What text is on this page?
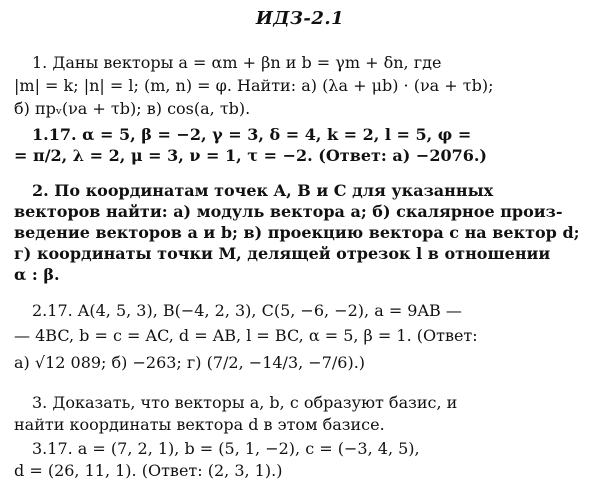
ИДЗ-2.1
1. Даны векторы a = αm + βn и b = γm + δn, где
|m| = k; |n| = l; (m, n) = φ. Найти: а) (λa + μb) · (νa + τb);
б) прᵥ(νa + τb); в) cos(a, τb).
1.17. α = 5, β = −2, γ = 3, δ = 4, k = 2, l = 5, φ =
= π/2, λ = 2, μ = 3, ν = 1, τ = −2. (Ответ: а) −2076.)
2. По координатам точек A, B и C для указанных
векторов найти: а) модуль вектора a; б) скалярное произ-
ведение векторов a и b; в) проекцию вектора c на вектор d;
г) координаты точки M, делящей отрезок l в отношении
α : β.
2.17. A(4, 5, 3), B(−4, 2, 3), C(5, −6, −2), a = 9AB —
— 4BC, b = c = AC, d = AB, l = BC, α = 5, β = 1. (Ответ:
а) √12 089; б) −263; г) (7/2, −14/3, −7/6).)
3. Доказать, что векторы a, b, c образуют базис, и
найти координаты вектора d в этом базисе.
3.17. a = (7, 2, 1), b = (5, 1, −2), c = (−3, 4, 5),
d = (26, 11, 1). (Ответ: (2, 3, 1).)
